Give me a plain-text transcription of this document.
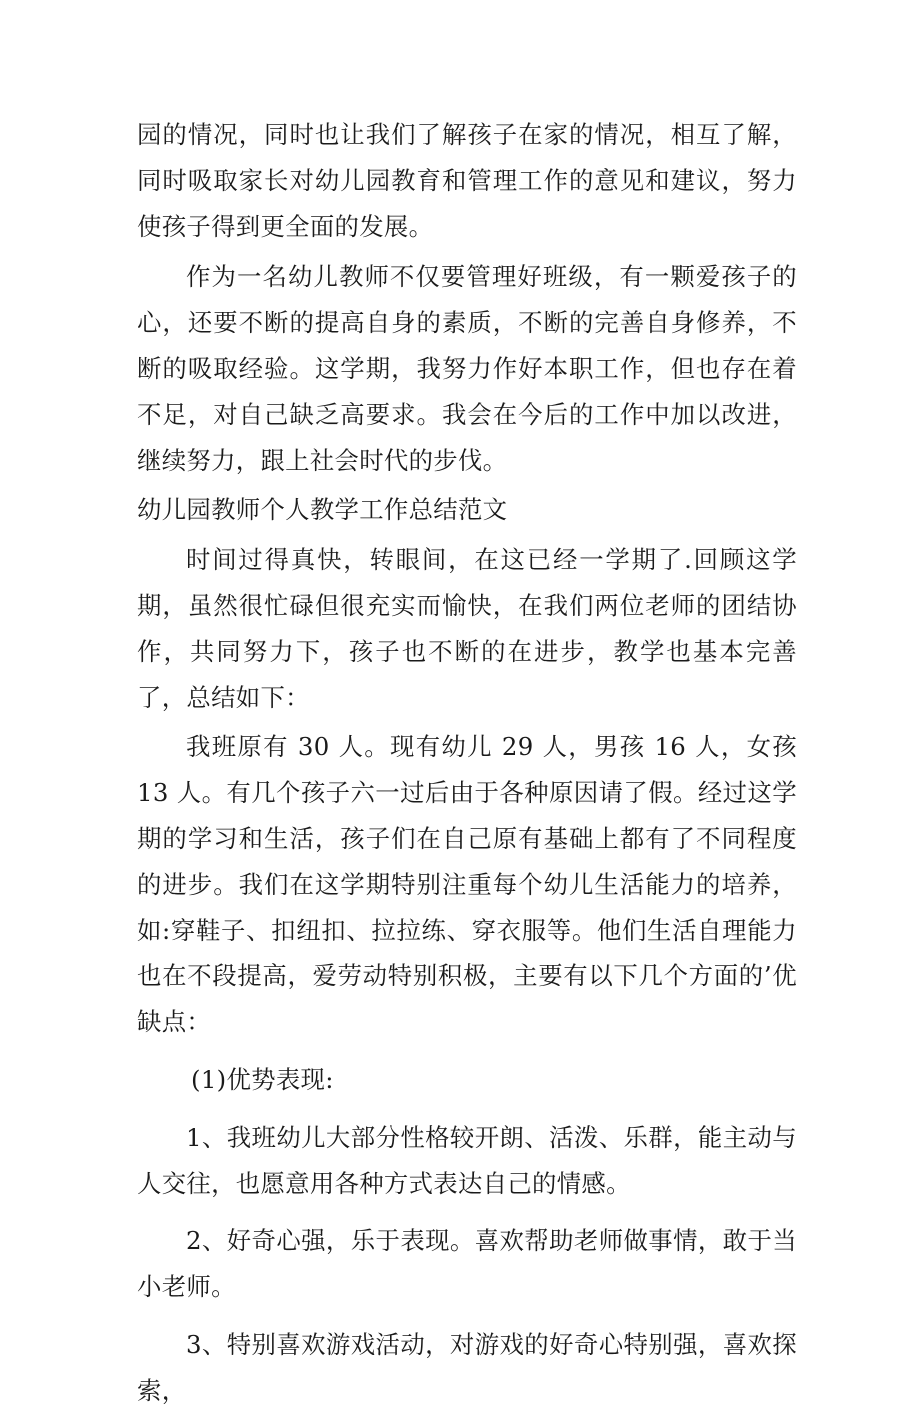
园的情况，同时也让我们了解孩子在家的情况，相互了解，同时吸取家长对幼儿园教育和管理工作的意见和建议，努力使孩子得到更全面的发展。

作为一名幼儿教师不仅要管理好班级，有一颗爱孩子的心，还要不断的提高自身的素质，不断的完善自身修养，不断的吸取经验。这学期，我努力作好本职工作，但也存在着不足，对自己缺乏高要求。我会在今后的工作中加以改进，继续努力，跟上社会时代的步伐。

幼儿园教师个人教学工作总结范文

时间过得真快，转眼间，在这已经一学期了.回顾这学期，虽然很忙碌但很充实而愉快，在我们两位老师的团结协作，共同努力下，孩子也不断的在进步，教学也基本完善了，总结如下：

我班原有 30 人。现有幼儿 29 人，男孩 16 人，女孩 13 人。有几个孩子六一过后由于各种原因请了假。经过这学期的学习和生活，孩子们在自己原有基础上都有了不同程度的进步。我们在这学期特别注重每个幼儿生活能力的培养，如:穿鞋子、扣纽扣、拉拉练、穿衣服等。他们生活自理能力也在不段提高，爱劳动特别积极，主要有以下几个方面的’优缺点：

(1)优势表现:

1、我班幼儿大部分性格较开朗、活泼、乐群，能主动与人交往，也愿意用各种方式表达自己的情感。

2、好奇心强，乐于表现。喜欢帮助老师做事情，敢于当小老师。

3、特别喜欢游戏活动，对游戏的好奇心特别强，喜欢探索，
